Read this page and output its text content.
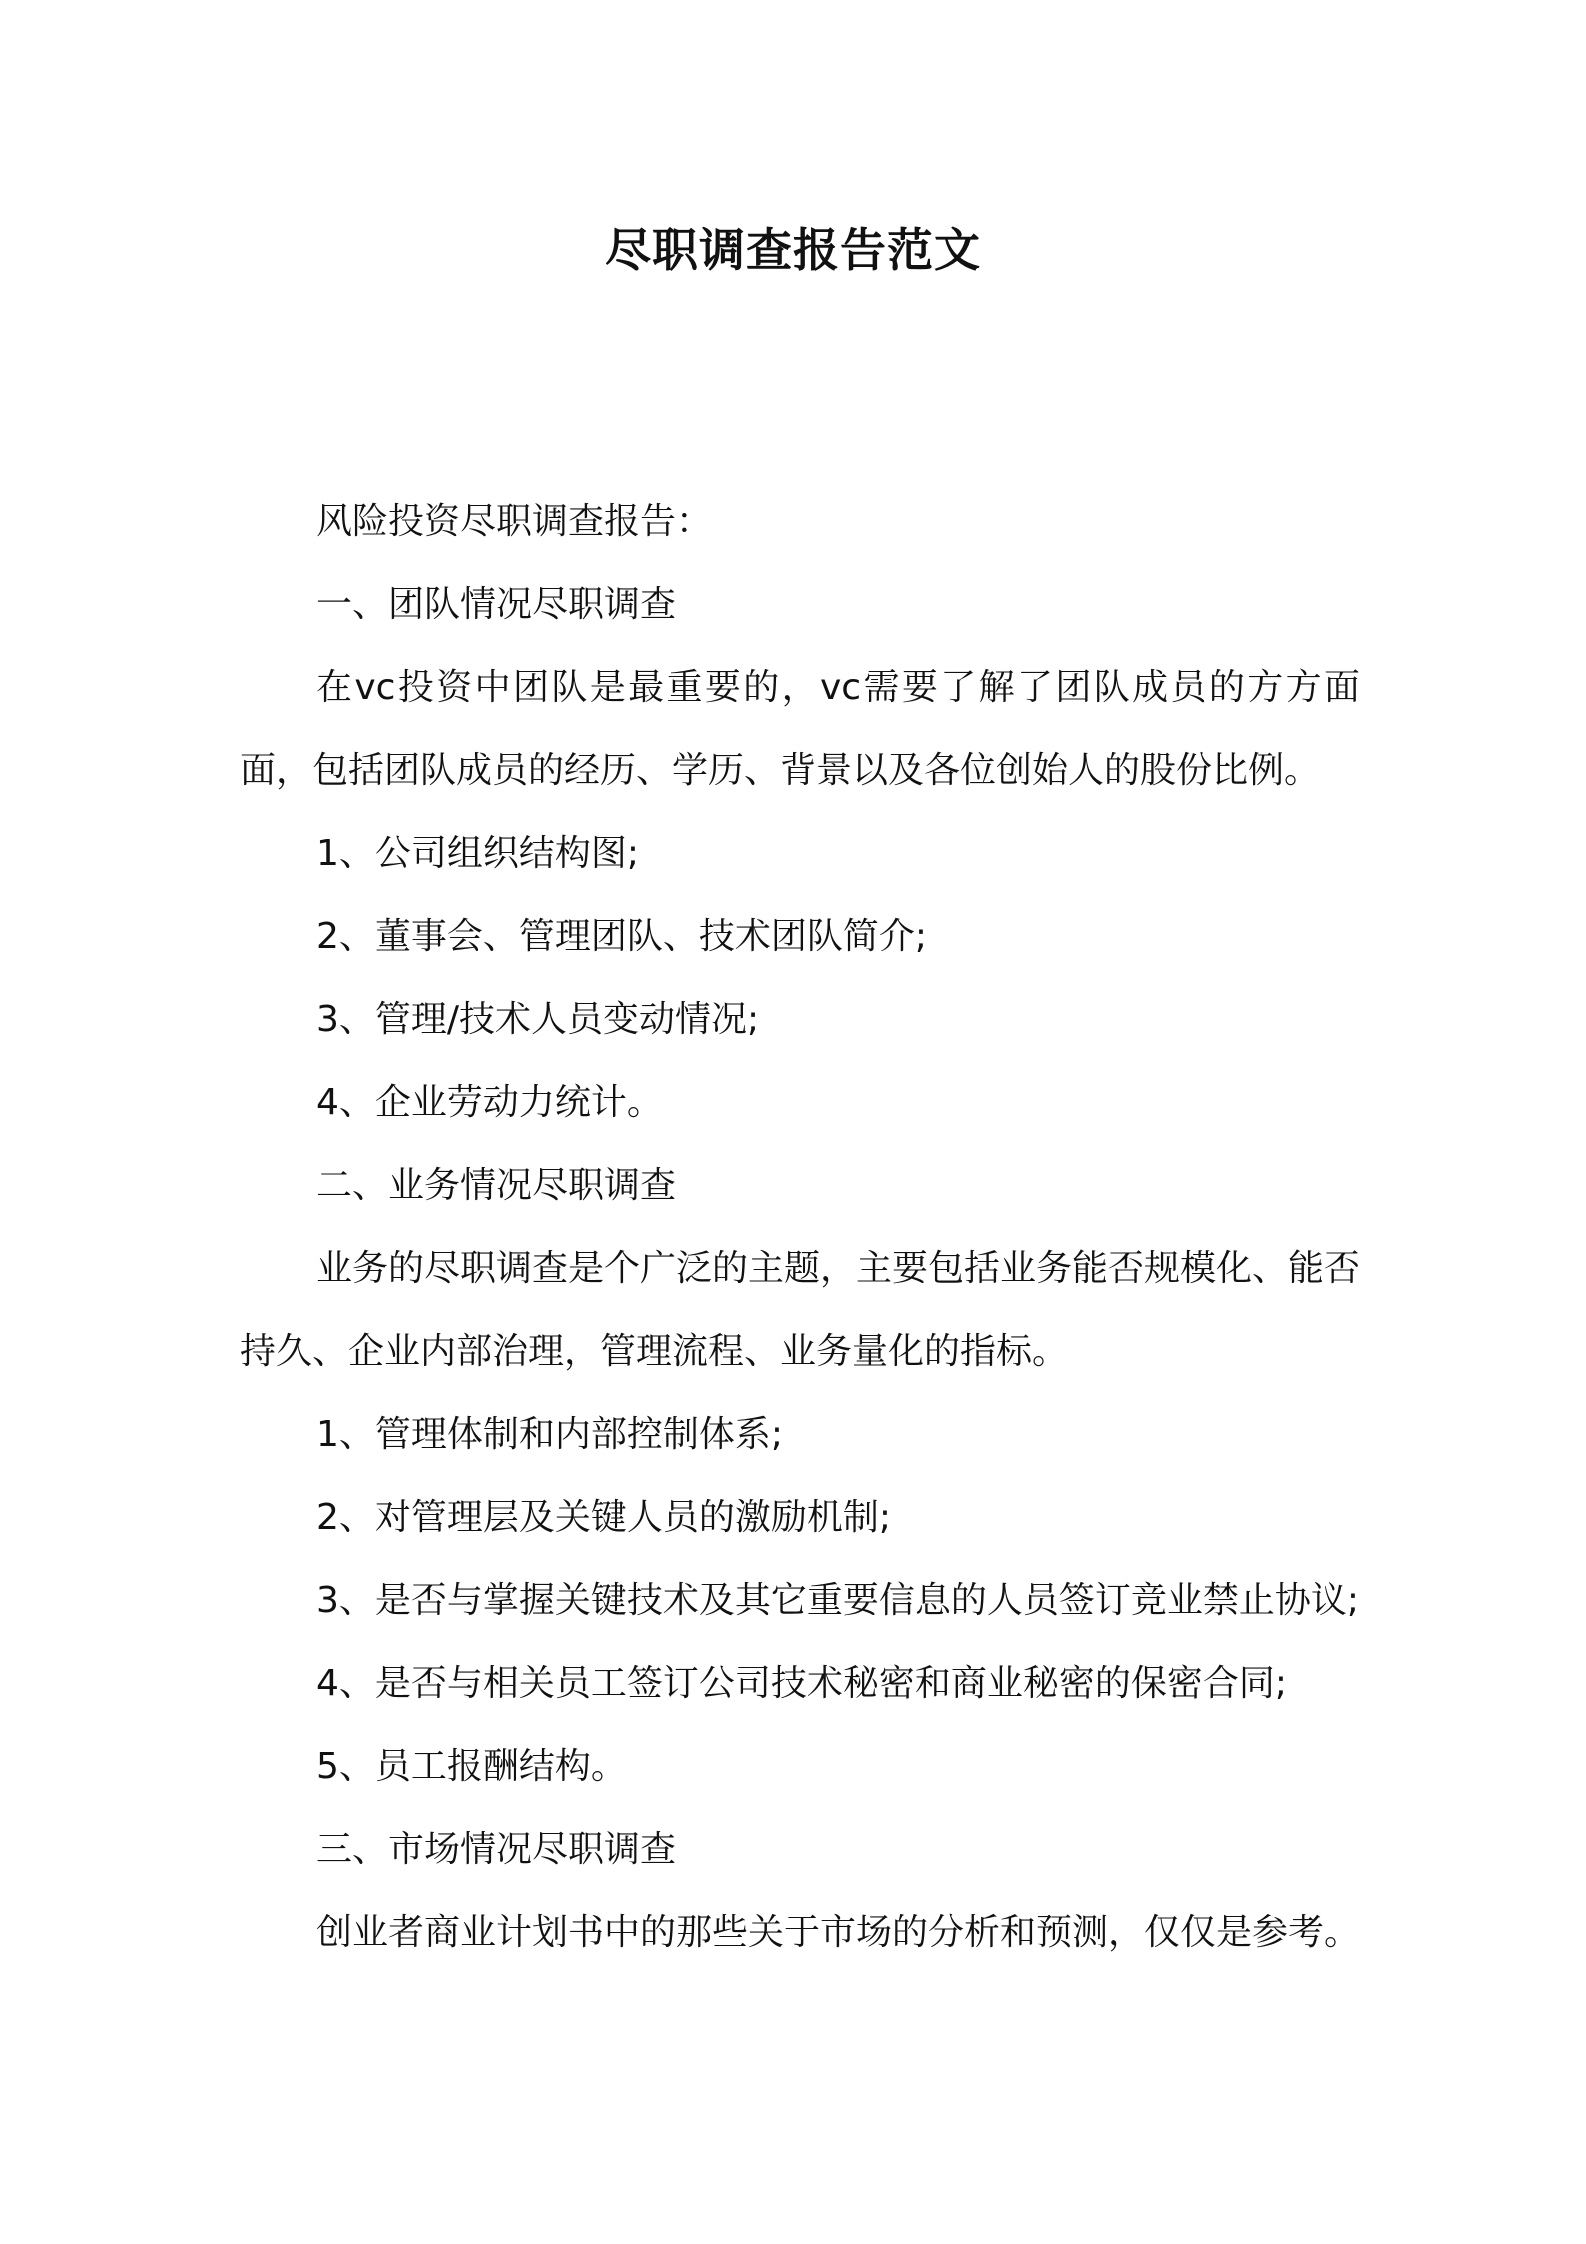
尽职调查报告范文

风险投资尽职调查报告：

一、团队情况尽职调查

在vc投资中团队是最重要的，vc需要了解了团队成员的方方面面，包括团队成员的经历、学历、背景以及各位创始人的股份比例。

1、公司组织结构图;

2、董事会、管理团队、技术团队简介;

3、管理/技术人员变动情况;

4、企业劳动力统计。

二、业务情况尽职调查

业务的尽职调查是个广泛的主题，主要包括业务能否规模化、能否持久、企业内部治理，管理流程、业务量化的指标。

1、管理体制和内部控制体系;

2、对管理层及关键人员的激励机制;

3、是否与掌握关键技术及其它重要信息的人员签订竞业禁止协议;

4、是否与相关员工签订公司技术秘密和商业秘密的保密合同;

5、员工报酬结构。

三、市场情况尽职调查

创业者商业计划书中的那些关于市场的分析和预测，仅仅是参考。
